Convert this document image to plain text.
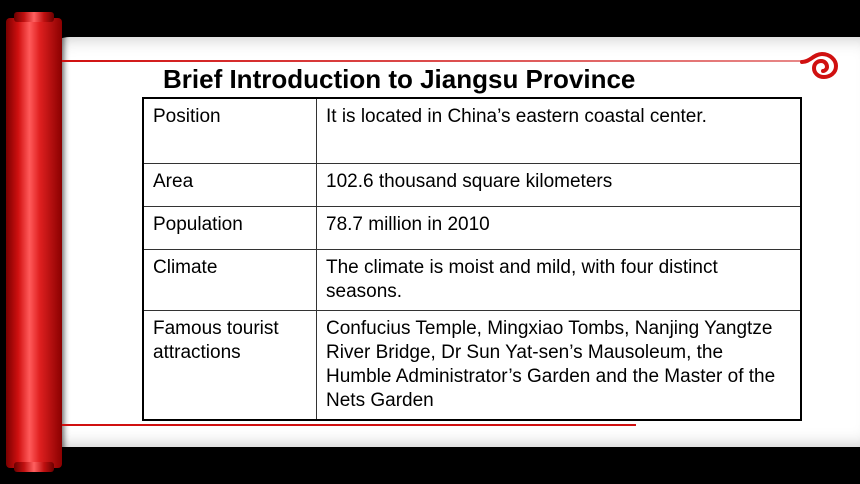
Brief Introduction to Jiangsu Province
Position	It is located in China’s eastern coastal center.
Area	102.6 thousand square kilometers
Population	78.7 million in 2010
Climate	The climate is moist and mild, with four distinct seasons.
Famous tourist attractions	Confucius Temple, Mingxiao Tombs, Nanjing Yangtze River Bridge, Dr Sun Yat-sen’s Mausoleum, the Humble Administrator’s Garden and the Master of the Nets Garden
